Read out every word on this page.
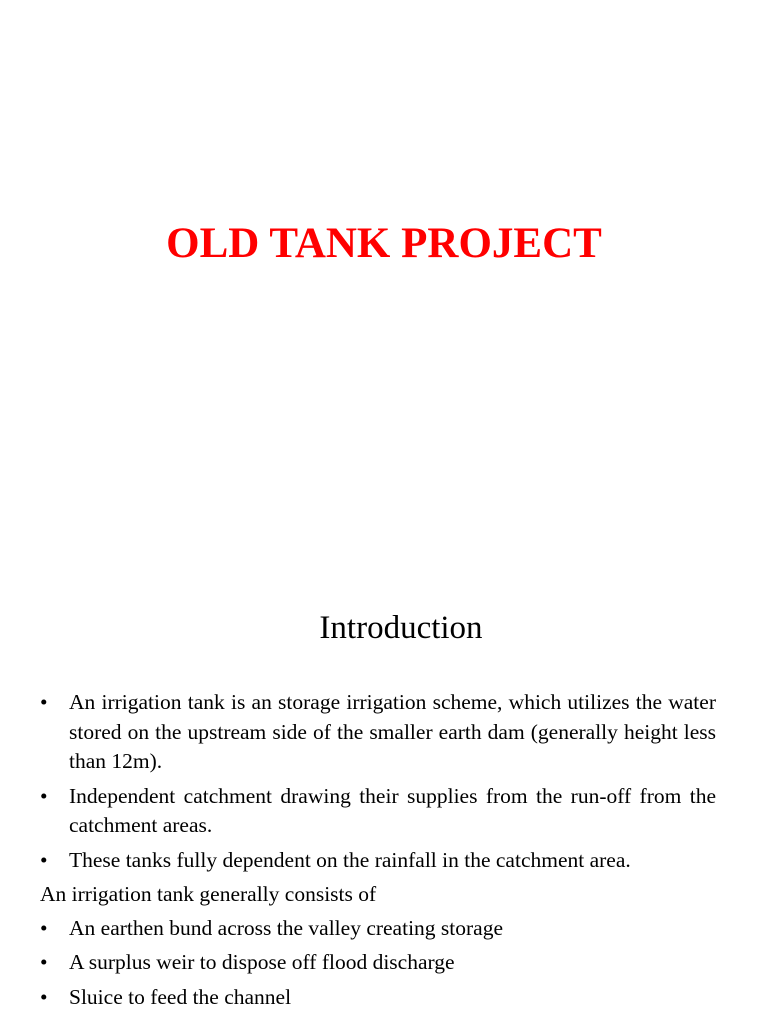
OLD TANK PROJECT
Introduction
• An irrigation tank is an storage irrigation scheme, which utilizes the water stored on the upstream side of the smaller earth dam (generally height less than 12m).
• Independent catchment drawing their supplies from the run-off from the catchment areas.
• These tanks fully dependent on the rainfall in the catchment area.

An irrigation tank generally consists of

• An earthen bund across the valley creating storage
• A surplus weir to dispose off flood discharge
• Sluice to feed the channel
